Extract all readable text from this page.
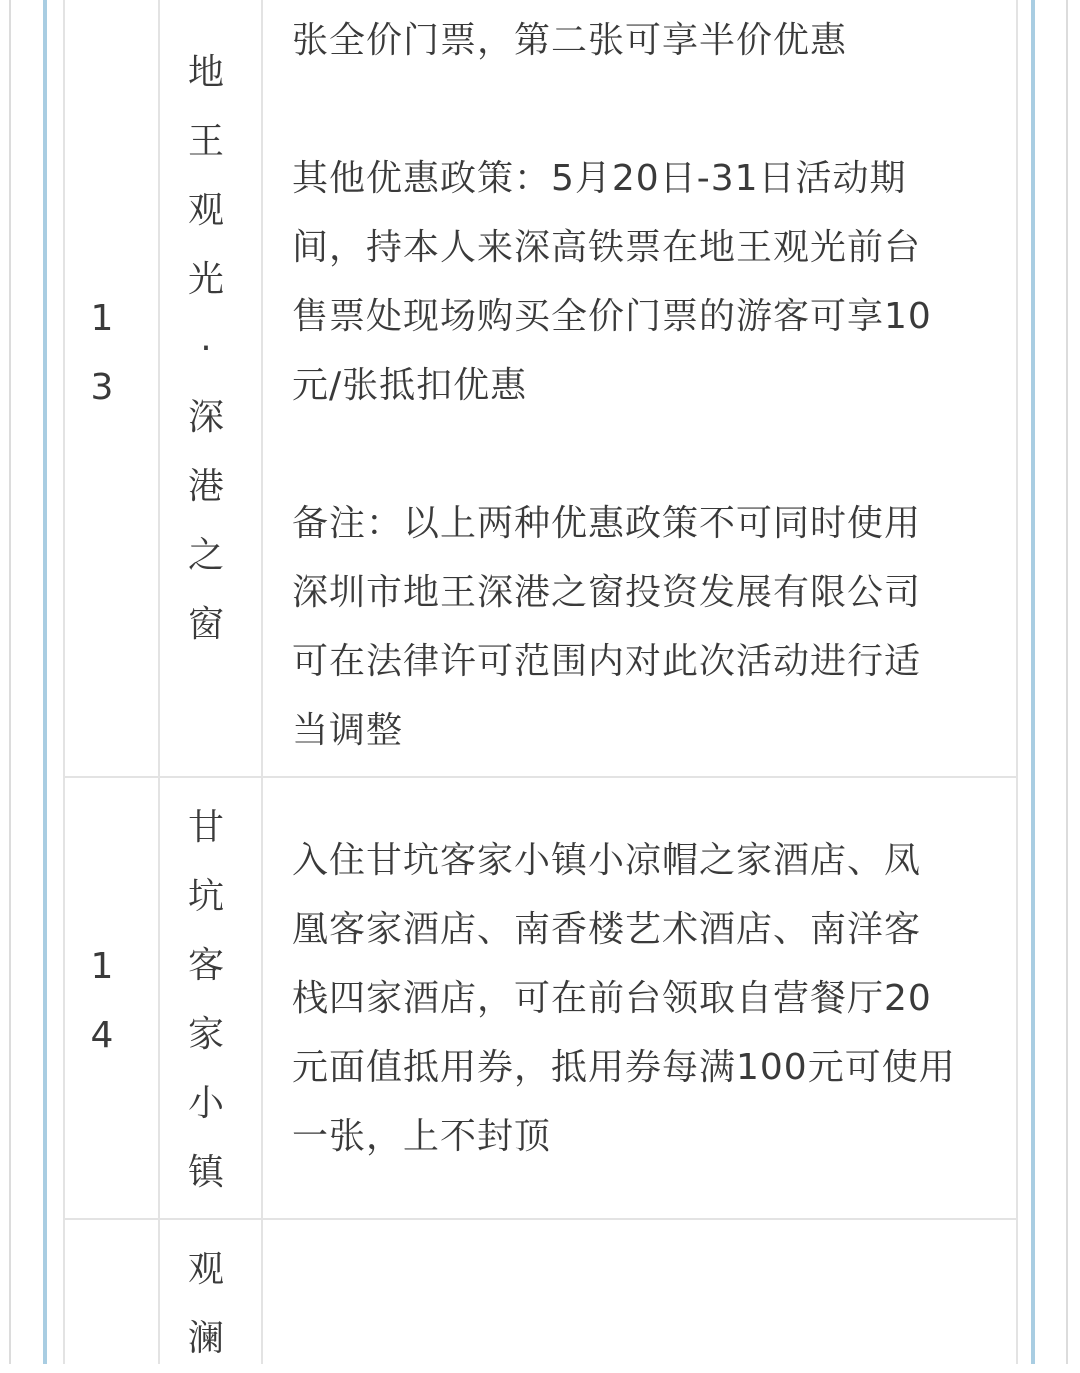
1
3
地
王
观
光
·
深
港
之
窗
张全价门票，第二张可享半价优惠

其他优惠政策：5月20日-31日活动期
间，持本人来深高铁票在地王观光前台
售票处现场购买全价门票的游客可享10
元/张抵扣优惠

备注：以上两种优惠政策不可同时使用
深圳市地王深港之窗投资发展有限公司
可在法律许可范围内对此次活动进行适
当调整
1
4
甘
坑
客
家
小
镇
入住甘坑客家小镇小凉帽之家酒店、凤
凰客家酒店、南香楼艺术酒店、南洋客
栈四家酒店，可在前台领取自营餐厅20
元面值抵用券，抵用券每满100元可使用
一张，上不封顶
观
澜
